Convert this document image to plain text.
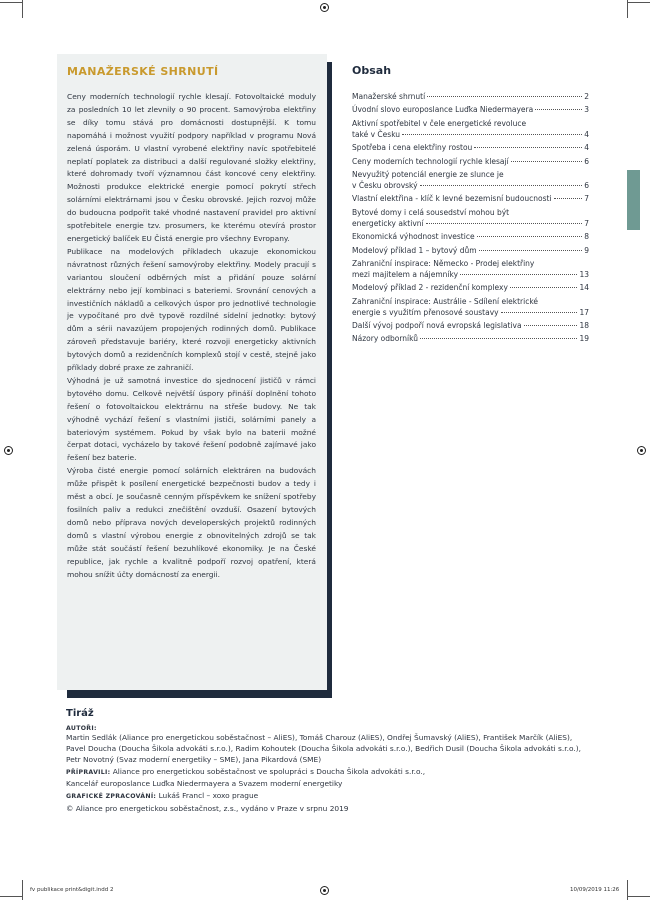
MANAŽERSKÉ SHRNUTÍ

Ceny moderních technologií rychle klesají. Fotovoltaické moduly za posledních 10 let zlevnily o 90 procent. Samovýroba elektřiny se díky tomu stává pro domácnosti dostupnější. K tomu napomáhá i možnost využití podpory například v programu Nová zelená úsporám. U vlastní vyrobené elektřiny navíc spotřebitelé neplatí poplatek za distribuci a další regulované složky elektřiny, které dohromady tvoří významnou část koncové ceny elektřiny. Možnosti produkce elektrické energie pomocí pokrytí střech solárními elektrárnami jsou v Česku obrovské. Jejich rozvoj může do budoucna podpořit také vhodné nastavení pravidel pro aktivní spotřebitele energie tzv. prosumers, ke kterému otevírá prostor energetický balíček EU Čistá energie pro všechny Evropany.

Publikace na modelových příkladech ukazuje ekonomickou návratnost různých řešení samovýroby elektřiny. Modely pracují s variantou sloučení odběrných míst a přidání pouze solární elektrárny nebo její kombinaci s bateriemi. Srovnání cenových a investičních nákladů a celkových úspor pro jednotlivé technologie je vypočítané pro dvě typově rozdílné sídelní jednotky: bytový dům a sérii navazújem propojených rodinných domů. Publikace zároveň představuje bariéry, které rozvoji energeticky aktivních bytových domů a rezidenčních komplexů stojí v cestě, stejně jako příklady dobré praxe ze zahraničí.

Výhodná je už samotná investice do sjednocení jističů v rámci bytového domu. Celkově největší úspory přináší doplnění tohoto řešení o fotovoltaickou elektrárnu na střeše budovy. Ne tak výhodně vychází řešení s vlastními jističi, solárními panely a bateriovým systémem. Pokud by však bylo na baterii možné čerpat dotaci, vycházelo by takové řešení podobně zajímavé jako řešení bez baterie.

Výroba čisté energie pomocí solárních elektráren na budovách může přispět k posílení energetické bezpečnosti budov a tedy i měst a obcí. Je současně cenným příspěvkem ke snížení spotřeby fosilních paliv a redukci znečištění ovzduší. Osazení bytových domů nebo příprava nových developerských projektů rodinných domů s vlastní výrobou energie z obnovitelných zdrojů se tak může stát součástí řešení bezuhlíkové ekonomiky. Je na České republice, jak rychle a kvalitně podpoří rozvoj opatření, která mohou snížit účty domácností za energii.

Obsah
Manažerské shrnutí	2
Úvodní slovo europoslance Luďka Niedermayera	3
Aktivní spotřebitel v čele energetické revoluce
také v Česku	4
Spotřeba i cena elektřiny rostou	4
Ceny moderních technologií rychle klesají	6
Nevyužitý potenciál energie ze slunce je
v Česku obrovský	6
Vlastní elektřina - klíč k levné bezemisní budoucnosti	7
Bytové domy i celá sousedství mohou být
energeticky aktivní	7
Ekonomická výhodnost investice	8
Modelový příklad 1 – bytový dům	9
Zahraniční inspirace: Německo - Prodej elektřiny
mezi majitelem a nájemníky	13
Modelový příklad 2 - rezidenční komplexy	14
Zahraniční inspirace: Austrálie - Sdílení elektrické
energie s využitím přenosové soustavy	17
Další vývoj podpoří nová evropská legislativa	18
Názory odborníků	19
Tiráž
AUTOŘI:
Martin Sedlák (Aliance pro energetickou soběstačnost – AliES), Tomáš Charouz (AliES), Ondřej Šumavský (AliES), František Marčík (AliES),
Pavel Doucha (Doucha Šikola advokáti s.r.o.), Radim Kohoutek (Doucha Šikola advokáti s.r.o.), Bedřich Dusil (Doucha Šikola advokáti s.r.o.),
Petr Novotný (Svaz moderní energetiky – SME), Jana Pikardová (SME)
PŘÍPRAVILI: Aliance pro energetickou soběstačnost ve spolupráci s Doucha Šikola advokáti s.r.o.,
Kancelář europoslance Luďka Niedermayera a Svazem moderní energetiky
GRAFICKÉ ZPRACOVÁNÍ: Lukáš Francl – xoxo prague
© Aliance pro energetickou soběstačnost, z.s., vydáno v Praze v srpnu 2019
fv publikace print&digit.indd 2	10/09/2019 11:26
